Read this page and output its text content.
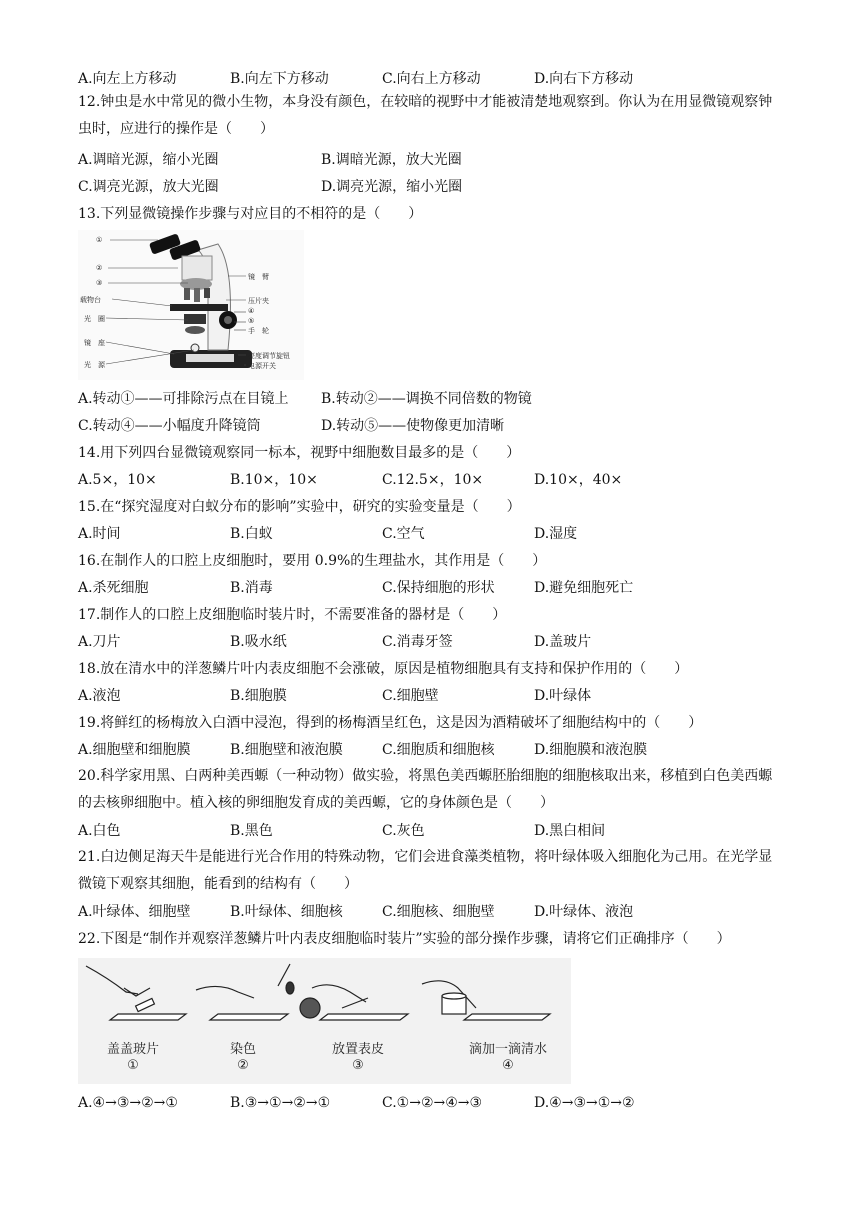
A.向左上方移动	B.向左下方移动	C.向右上方移动	D.向右下方移动
12.钟虫是水中常见的微小生物，本身没有颜色，在较暗的视野中才能被清楚地观察到。你认为在用显微镜观察钟虫时，应进行的操作是（　　）
A.调暗光源，缩小光圈	B.调暗光源，放大光圈
C.调亮光源，放大光圈	D.调亮光源，缩小光圈
13.下列显微镜操作步骤与对应目的不相符的是（　　）
①
②
③
载物台
光　圈
镜　座
光　源
镜　臂
压片夹
④
⑤
手　轮
亮度调节旋钮
电源开关
A.转动①——可排除污点在目镜上 B.转动②——调换不同倍数的物镜
C.转动④——小幅度升降镜筒	D.转动⑤——使物像更加清晰
14.用下列四台显微镜观察同一标本，视野中细胞数目最多的是（　　）
A.5×，10×	B.10×，10×	C.12.5×，10×	D.10×，40×
15.在“探究湿度对白蚁分布的影响”实验中，研究的实验变量是（　　）
A.时间	B.白蚁	C.空气	D.湿度
16.在制作人的口腔上皮细胞时，要用 0.9%的生理盐水，其作用是（　　）
A.杀死细胞	B.消毒	C.保持细胞的形状	D.避免细胞死亡
17.制作人的口腔上皮细胞临时装片时，不需要准备的器材是（　　）
A.刀片	B.吸水纸	C.消毒牙签	D.盖玻片
18.放在清水中的洋葱鳞片叶内表皮细胞不会涨破，原因是植物细胞具有支持和保护作用的（　　）
A.液泡	B.细胞膜	C.细胞壁	D.叶绿体
19.将鲜红的杨梅放入白酒中浸泡，得到的杨梅酒呈红色，这是因为酒精破坏了细胞结构中的（　　）
A.细胞壁和细胞膜	B.细胞壁和液泡膜	C.细胞质和细胞核	D.细胞膜和液泡膜
20.科学家用黑、白两种美西螈（一种动物）做实验，将黑色美西螈胚胎细胞的细胞核取出来，移植到白色美西螈的去核卵细胞中。植入核的卵细胞发育成的美西螈，它的身体颜色是（　　）
A.白色	B.黑色	C.灰色	D.黑白相间
21.白边侧足海天牛是能进行光合作用的特殊动物，它们会进食藻类植物，将叶绿体吸入细胞化为己用。在光学显微镜下观察其细胞，能看到的结构有（　　）
A.叶绿体、细胞壁	B.叶绿体、细胞核	C.细胞核、细胞壁	D.叶绿体、液泡
22.下图是“制作并观察洋葱鳞片叶内表皮细胞临时装片”实验的部分操作步骤，请将它们正确排序（　　）
盖盖玻片
①
染色
②
放置表皮
③
滴加一滴清水
④
A.④→③→②→①	B.③→①→②→①	C.①→②→④→③	D.④→③→①→②
